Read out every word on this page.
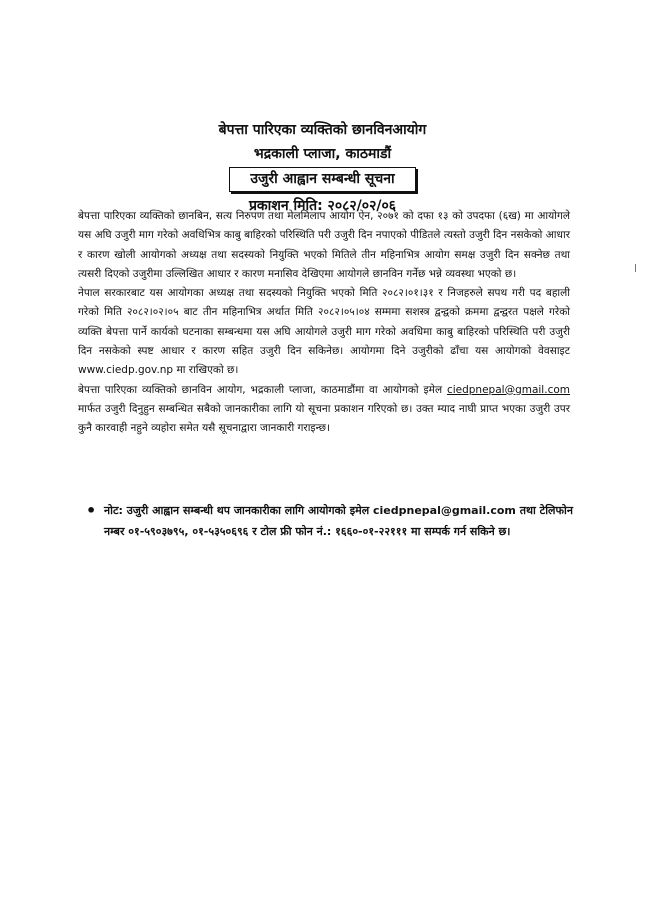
बेपत्ता पारिएका व्यक्तिको छानविनआयोग
भद्रकाली प्लाजा, काठमाडौं
उजुरी आह्वान सम्बन्धी सूचना
प्रकाशन मिति: २०८२/०२/०६

बेपत्ता पारिएका व्यक्तिको छानबिन, सत्य निरुपण तथा मेलमिलाप आयोग ऐन, २०७१ को दफा १३ को उपदफा (६ख) मा आयोगले यस अघि उजुरी माग गरेको अवधिभित्र काबु बाहिरको परिस्थिति परी उजुरी दिन नपाएको पीडितले त्यस्तो उजुरी दिन नसकेको आधार र कारण खोली आयोगको अध्यक्ष तथा सदस्यको नियुक्ति भएको मितिले तीन महिनाभित्र आयोग समक्ष उजुरी दिन सक्नेछ तथा त्यसरी दिएको उजुरीमा उल्लिखित आधार र कारण मनासिव देखिएमा आयोगले छानविन गर्नेछ भन्ने व्यवस्था भएको छ।

नेपाल सरकारबाट यस आयोगका अध्यक्ष तथा सदस्यको नियुक्ति भएको मिति २०८२।०१।३१ र निजहरुले सपथ गरी पद बहाली गरेको मिति २०८२।०२।०५ बाट तीन महिनाभित्र अर्थात मिति २०८२।०५।०४ सम्ममा सशस्त्र द्वन्द्वको क्रममा द्वन्द्वरत पक्षले गरेको व्यक्ति बेपत्ता पार्ने कार्यको घटनाका सम्बन्धमा यस अघि आयोगले उजुरी माग गरेको अवधिमा काबु बाहिरको परिस्थिति परी उजुरी दिन नसकेको स्पष्ट आधार र कारण सहित उजुरी दिन सकिनेछ। आयोगमा दिने उजुरीको ढाँचा यस आयोगको वेवसाइट www.ciedp.gov.np मा राखिएको छ।

बेपत्ता पारिएका व्यक्तिको छानविन आयोग, भद्रकाली प्लाजा, काठमाडौंमा वा आयोगको इमेल ciedpnepal@gmail.com मार्फत उजुरी दिनुहुन सम्बन्धित सबैको जानकारीका लागि यो सूचना प्रकाशन गरिएको छ। उक्त म्याद नाघी प्राप्त भएका उजुरी उपर कुनै कारवाही नहुने व्यहोरा समेत यसै सूचनाद्वारा जानकारी गराइन्छ।

• नोट: उजुरी आह्वान सम्बन्धी थप जानकारीका लागि आयोगको इमेल ciedpnepal@gmail.com तथा टेलिफोन नम्बर ०१-५९०३७९५, ०१-५३५०६९६ र टोल फ्री फोन नं.: १६६०-०१-२२१११ मा सम्पर्क गर्न सकिने छ।
